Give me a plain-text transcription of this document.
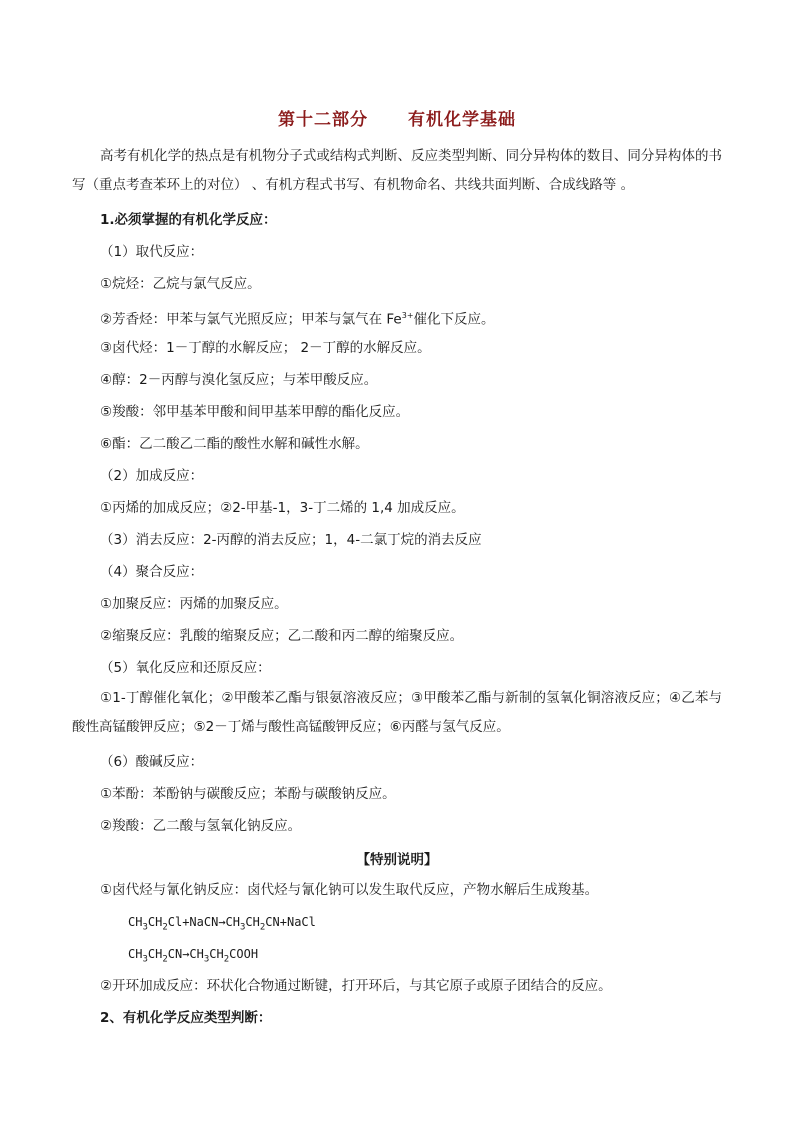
第十二部分 有机化学基础
高考有机化学的热点是有机物分子式或结构式判断、反应类型判断、同分异构体的数目、同分异构体的书写（重点考查苯环上的对位） 、有机方程式书写、有机物命名、共线共面判断、合成线路等 。
1.必须掌握的有机化学反应：
（1）取代反应：
①烷烃：乙烷与氯气反应。
②芳香烃：甲苯与氯气光照反应；甲苯与氯气在 $Fe^{3+}$催化下反应。
③卤代烃：1－丁醇的水解反应； 2－丁醇的水解反应。
④醇：2－丙醇与溴化氢反应；与苯甲酸反应。
⑤羧酸：邻甲基苯甲酸和间甲基苯甲醇的酯化反应。
⑥酯：乙二酸乙二酯的酸性水解和碱性水解。
（2）加成反应：
①丙烯的加成反应；②2-甲基-1，3-丁二烯的 1,4 加成反应。
（3）消去反应：2-丙醇的消去反应；1，4-二氯丁烷的消去反应
（4）聚合反应：
①加聚反应：丙烯的加聚反应。
②缩聚反应：乳酸的缩聚反应；乙二酸和丙二醇的缩聚反应。
（5）氧化反应和还原反应：
①1-丁醇催化氧化；②甲酸苯乙酯与银氨溶液反应；③甲酸苯乙酯与新制的氢氧化铜溶液反应；④乙苯与酸性高锰酸钾反应；⑤2－丁烯与酸性高锰酸钾反应；⑥丙醛与氢气反应。
（6）酸碱反应：
①苯酚：苯酚钠与碳酸反应；苯酚与碳酸钠反应。
②羧酸：乙二酸与氢氧化钠反应。
【特别说明】
①卤代烃与氰化钠反应：卤代烃与氰化钠可以发生取代反应，产物水解后生成羧基。
$CH_3CH_2Cl+NaCN\to CH_3CH_2CN+NaCl$
$CH_3CH_2CN\to CH_3CH_2COOH$
②开环加成反应：环状化合物通过断键，打开环后，与其它原子或原子团结合的反应。
2、有机化学反应类型判断：
